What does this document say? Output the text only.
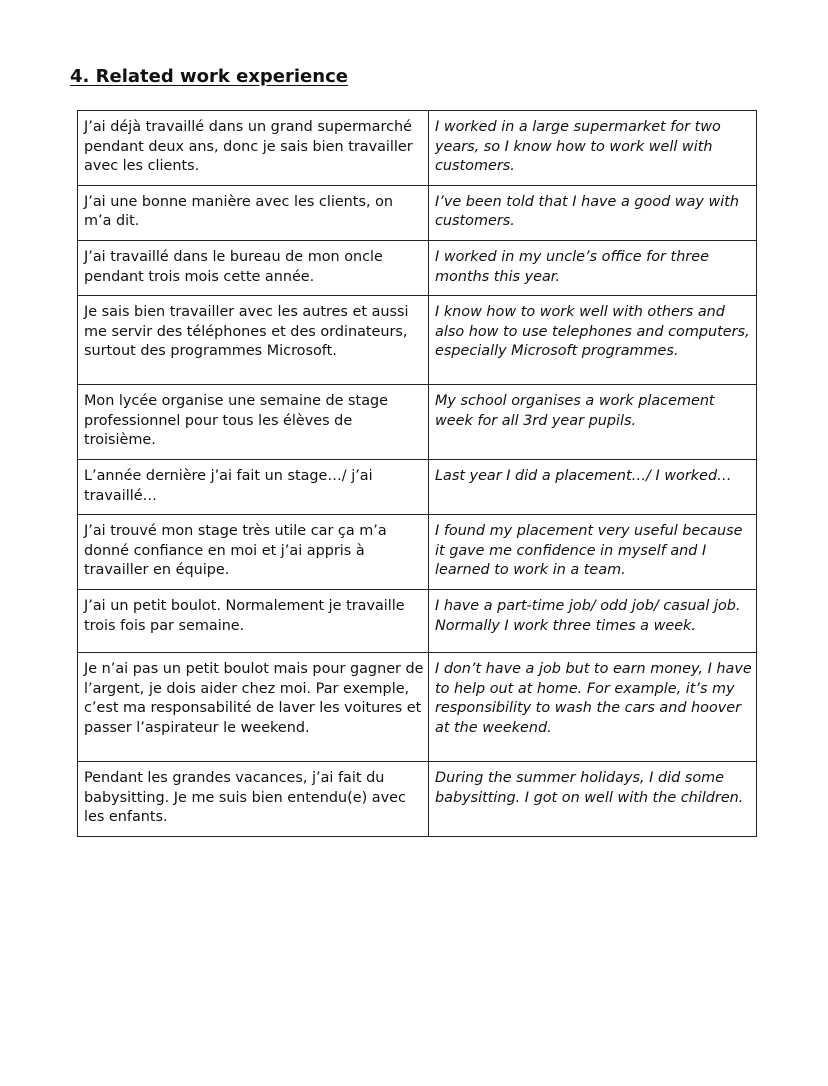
4. Related work experience
J’ai déjà travaillé dans un grand supermarché pendant deux ans, donc je sais bien travailler avec les clients.	I worked in a large supermarket for two years, so I know how to work well with customers.
J’ai une bonne manière avec les clients, on m’a dit.	I’ve been told that I have a good way with customers.
J’ai travaillé dans le bureau de mon oncle pendant trois mois cette année.	I worked in my uncle’s office for three months this year.
Je sais bien travailler avec les autres et aussi me servir des téléphones et des ordinateurs, surtout des programmes Microsoft.	I know how to work well with others and also how to use telephones and computers, especially Microsoft programmes.
Mon lycée organise une semaine de stage professionnel pour tous les élèves de troisième.	My school organises a work placement week for all 3rd year pupils.
L’année dernière j’ai fait un stage…/ j’ai travaillé…	Last year I did a placement…/ I worked…
J’ai trouvé mon stage très utile car ça m’a donné confiance en moi et j’ai appris à travailler en équipe.	I found my placement very useful because it gave me confidence in myself and I learned to work in a team.
J’ai un petit boulot. Normalement je travaille trois fois par semaine.	I have a part-time job/ odd job/ casual job. Normally I work three times a week.
Je n’ai pas un petit boulot mais pour gagner de l’argent, je dois aider chez moi. Par exemple, c’est ma responsabilité de laver les voitures et passer l’aspirateur le weekend.	I don’t have a job but to earn money, I have to help out at home. For example, it’s my responsibility to wash the cars and hoover at the weekend.
Pendant les grandes vacances, j’ai fait du babysitting. Je me suis bien entendu(e) avec les enfants.	During the summer holidays, I did some babysitting. I got on well with the children.
